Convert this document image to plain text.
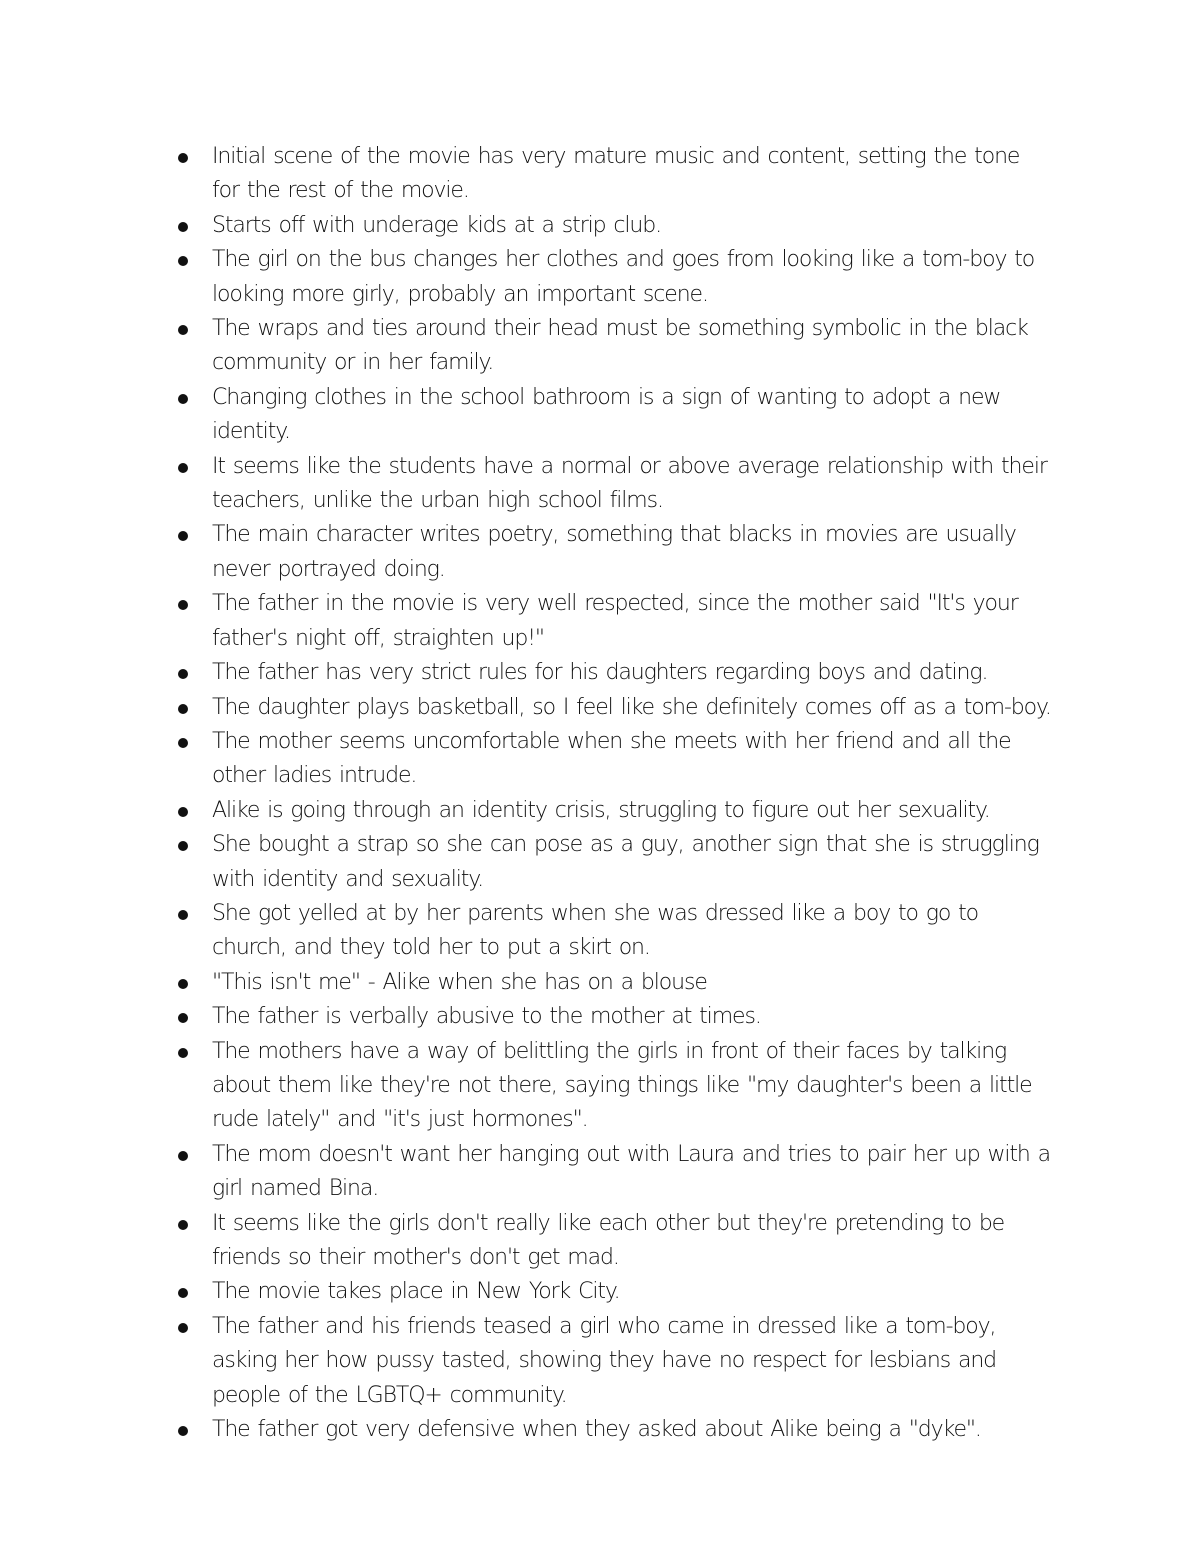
Initial scene of the movie has very mature music and content, setting the tone for the rest of the movie.
Starts off with underage kids at a strip club.
The girl on the bus changes her clothes and goes from looking like a tom-boy to looking more girly, probably an important scene.
The wraps and ties around their head must be something symbolic in the black community or in her family.
Changing clothes in the school bathroom is a sign of wanting to adopt a new identity.
It seems like the students have a normal or above average relationship with their teachers, unlike the urban high school films.
The main character writes poetry, something that blacks in movies are usually never portrayed doing.
The father in the movie is very well respected, since the mother said "It's your father's night off, straighten up!"
The father has very strict rules for his daughters regarding boys and dating.
The daughter plays basketball, so I feel like she definitely comes off as a tom-boy.
The mother seems uncomfortable when she meets with her friend and all the other ladies intrude.
Alike is going through an identity crisis, struggling to figure out her sexuality.
She bought a strap so she can pose as a guy, another sign that she is struggling with identity and sexuality.
She got yelled at by her parents when she was dressed like a boy to go to church, and they told her to put a skirt on.
"This isn't me" - Alike when she has on a blouse
The father is verbally abusive to the mother at times.
The mothers have a way of belittling the girls in front of their faces by talking about them like they're not there, saying things like "my daughter's been a little rude lately" and "it's just hormones".
The mom doesn't want her hanging out with Laura and tries to pair her up with a girl named Bina.
It seems like the girls don't really like each other but they're pretending to be friends so their mother's don't get mad.
The movie takes place in New York City.
The father and his friends teased a girl who came in dressed like a tom-boy, asking her how pussy tasted, showing they have no respect for lesbians and people of the LGBTQ+ community.
The father got very defensive when they asked about Alike being a "dyke".
